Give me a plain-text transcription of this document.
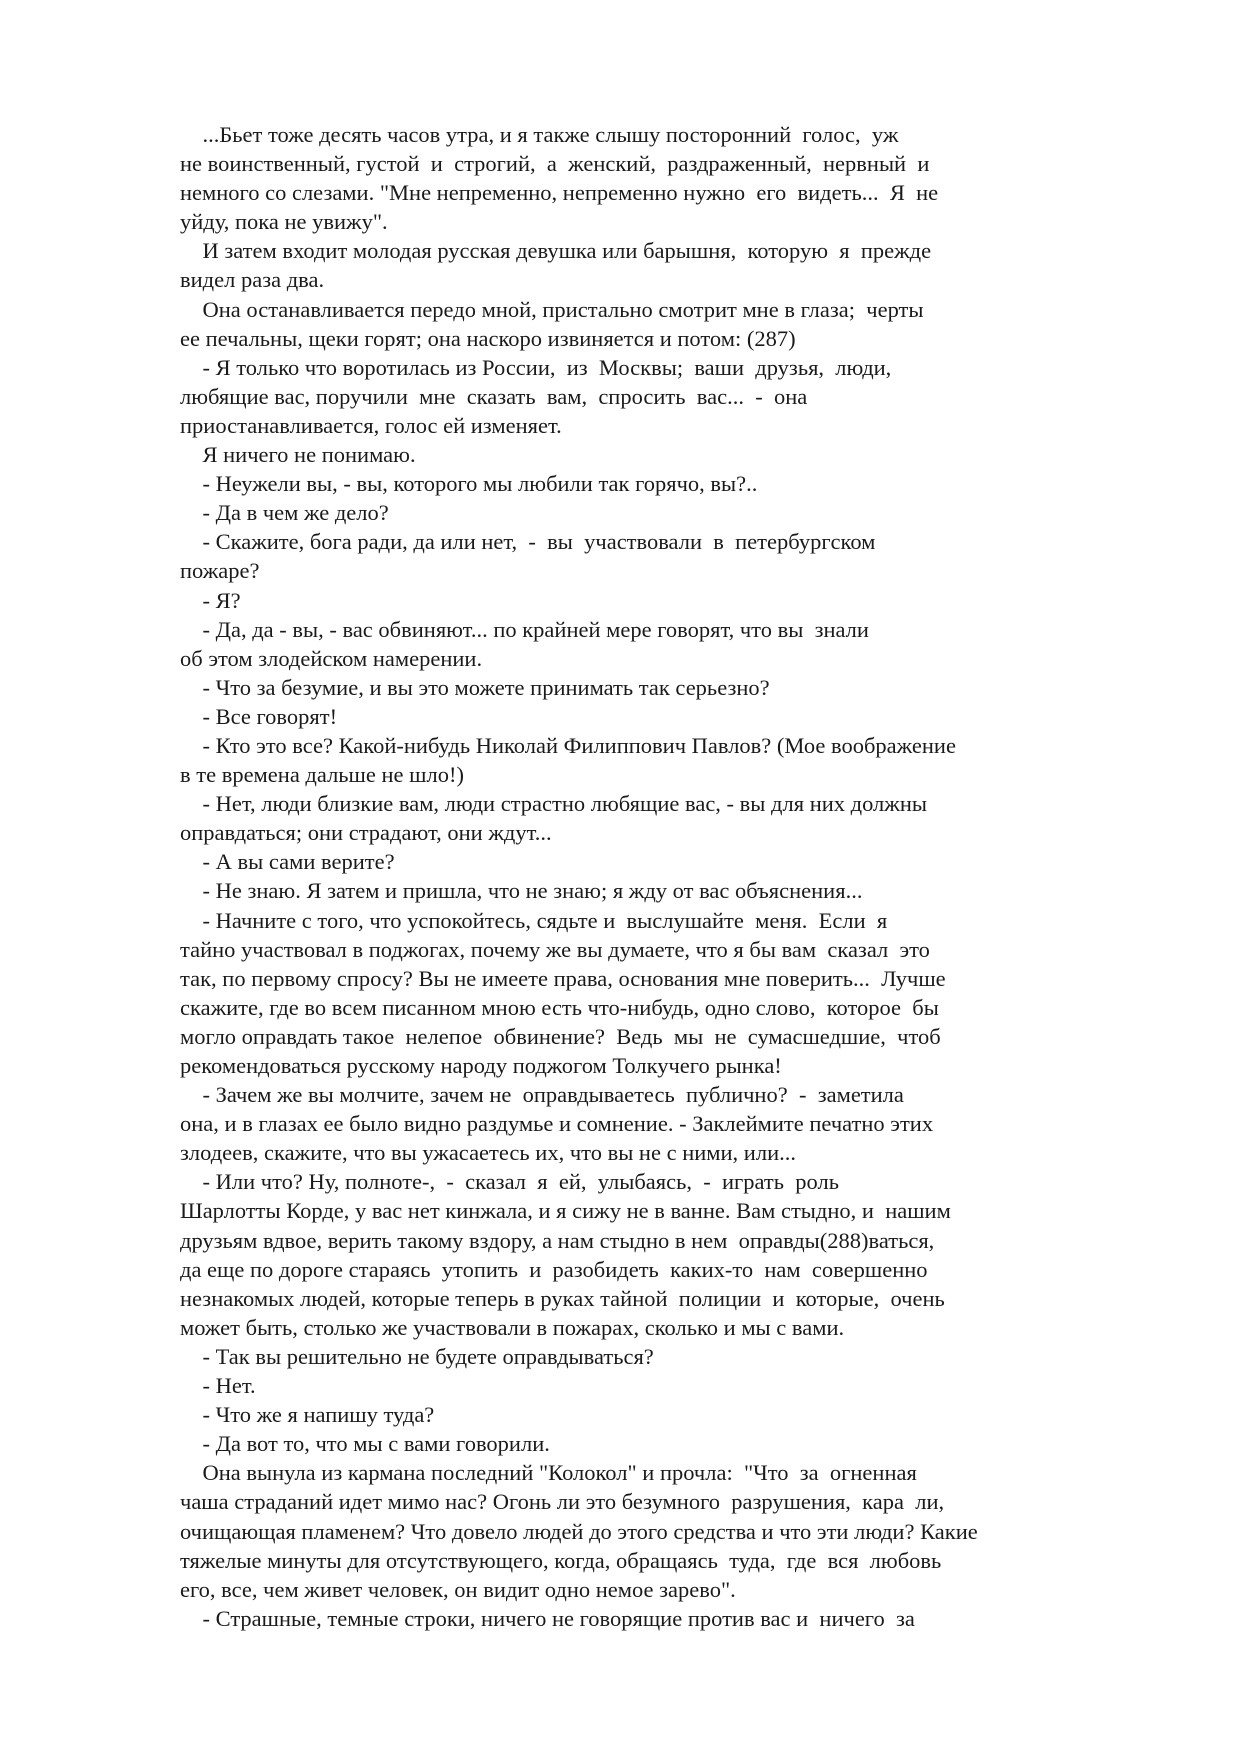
...Бьет тоже десять часов утра, и я также слышу посторонний  голос,  уж
не воинственный, густой  и  строгий,  а  женский,  раздраженный,  нервный  и
немного со слезами. "Мне непременно, непременно нужно  его  видеть...  Я  не
уйду, пока не увижу".
И затем входит молодая русская девушка или барышня,  которую  я  прежде
видел раза два.
Она останавливается передо мной, пристально смотрит мне в глаза;  черты
ее печальны, щеки горят; она наскоро извиняется и потом: (287)
- Я только что воротилась из России,  из  Москвы;  ваши  друзья,  люди,
любящие вас, поручили  мне  сказать  вам,  спросить  вас...  -  она
приостанавливается, голос ей изменяет.
Я ничего не понимаю.
- Неужели вы, - вы, которого мы любили так горячо, вы?..
- Да в чем же дело?
- Скажите, бога ради, да или нет,  -  вы  участвовали  в  петербургском
пожаре?
- Я?
- Да, да - вы, - вас обвиняют... по крайней мере говорят, что вы  знали
об этом злодейском намерении.
- Что за безумие, и вы это можете принимать так серьезно?
- Все говорят!
- Кто это все? Какой-нибудь Николай Филиппович Павлов? (Мое воображение
в те времена дальше не шло!)
- Нет, люди близкие вам, люди страстно любящие вас, - вы для них должны
оправдаться; они страдают, они ждут...
- А вы сами верите?
- Не знаю. Я затем и пришла, что не знаю; я жду от вас объяснения...
- Начните с того, что успокойтесь, сядьте и  выслушайте  меня.  Если  я
тайно участвовал в поджогах, почему же вы думаете, что я бы вам  сказал  это
так, по первому спросу? Вы не имеете права, основания мне поверить...  Лучше
скажите, где во всем писанном мною есть что-нибудь, одно слово,  которое  бы
могло оправдать такое  нелепое  обвинение?  Ведь  мы  не  сумасшедшие,  чтоб
рекомендоваться русскому народу поджогом Толкучего рынка!
- Зачем же вы молчите, зачем не  оправдываетесь  публично?  -  заметила
она, и в глазах ее было видно раздумье и сомнение. - Заклеймите печатно этих
злодеев, скажите, что вы ужасаетесь их, что вы не с ними, или...
- Или что? Ну, полноте-,  -  сказал  я  ей,  улыбаясь,  -  играть  роль
Шарлотты Корде, у вас нет кинжала, и я сижу не в ванне. Вам стыдно, и  нашим
друзьям вдвое, верить такому вздору, а нам стыдно в нем  оправды(288)ваться,
да еще по дороге стараясь  утопить  и  разобидеть  каких-то  нам  совершенно
незнакомых людей, которые теперь в руках тайной  полиции  и  которые,  очень
может быть, столько же участвовали в пожарах, сколько и мы с вами.
- Так вы решительно не будете оправдываться?
- Нет.
- Что же я напишу туда?
- Да вот то, что мы с вами говорили.
Она вынула из кармана последний "Колокол" и прочла:  "Что  за  огненная
чаша страданий идет мимо нас? Огонь ли это безумного  разрушения,  кара  ли,
очищающая пламенем? Что довело людей до этого средства и что эти люди? Какие
тяжелые минуты для отсутствующего, когда, обращаясь  туда,  где  вся  любовь
его, все, чем живет человек, он видит одно немое зарево".
- Страшные, темные строки, ничего не говорящие против вас и  ничего  за
